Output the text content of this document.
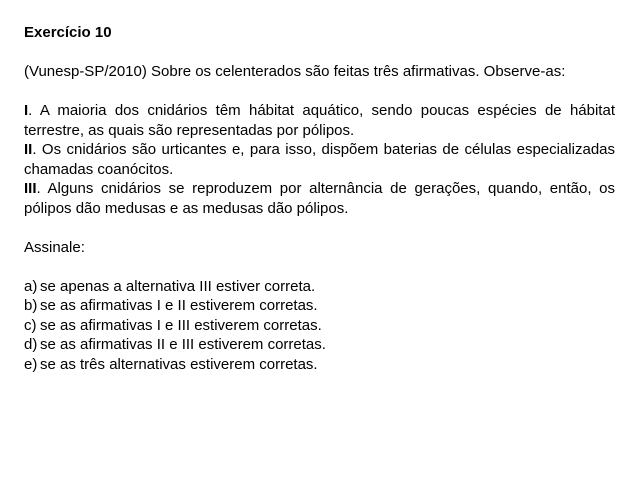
Exercício 10

(Vunesp-SP/2010) Sobre os celenterados são feitas três afirmativas. Observe-as:

I. A maioria dos cnidários têm hábitat aquático, sendo poucas espécies de hábitat terrestre, as quais são representadas por pólipos.

II. Os cnidários são urticantes e, para isso, dispõem baterias de células especializadas chamadas coanócitos.

III. Alguns cnidários se reproduzem por alternância de gerações, quando, então, os pólipos dão medusas e as medusas dão pólipos.

Assinale:

a) se apenas a alternativa III estiver correta.
b) se as afirmativas I e II estiverem corretas.
c) se as afirmativas I e III estiverem corretas.
d) se as afirmativas II e III estiverem corretas.
e) se as três alternativas estiverem corretas.
